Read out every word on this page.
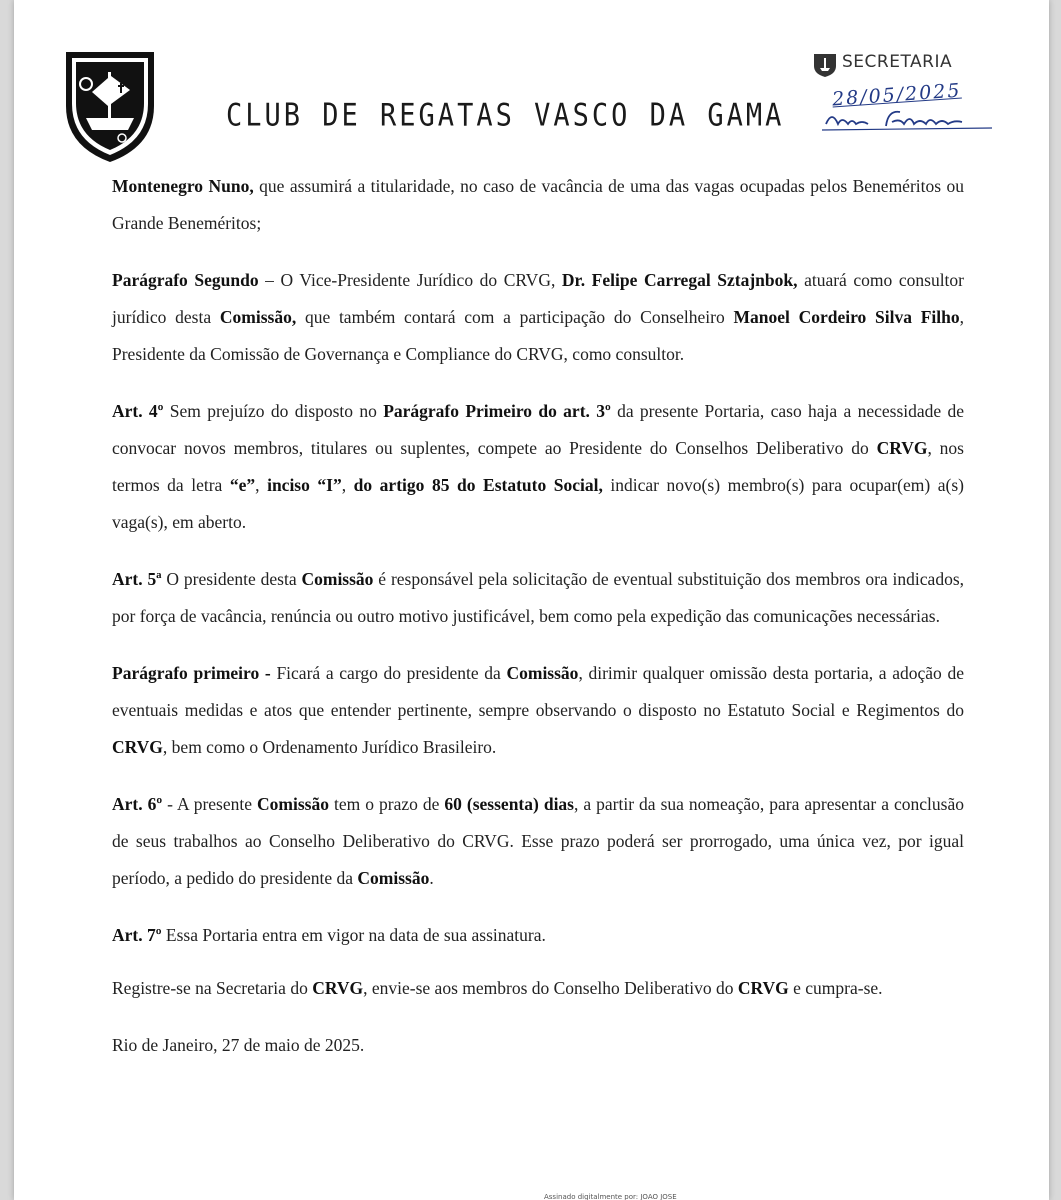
CLUB DE REGATAS VASCO DA GAMA
SECRETARIA
28/05/2025

Montenegro Nuno, que assumirá a titularidade, no caso de vacância de uma das vagas ocupadas pelos Beneméritos ou Grande Beneméritos;

Parágrafo Segundo – O Vice-Presidente Jurídico do CRVG, Dr. Felipe Carregal Sztajnbok, atuará como consultor jurídico desta Comissão, que também contará com a participação do Conselheiro Manoel Cordeiro Silva Filho, Presidente da Comissão de Governança e Compliance do CRVG, como consultor.

Art. 4º Sem prejuízo do disposto no Parágrafo Primeiro do art. 3º da presente Portaria, caso haja a necessidade de convocar novos membros, titulares ou suplentes, compete ao Presidente do Conselhos Deliberativo do CRVG, nos termos da letra “e”, inciso “I”, do artigo 85 do Estatuto Social, indicar novo(s) membro(s) para ocupar(em) a(s) vaga(s), em aberto.

Art. 5ª O presidente desta Comissão é responsável pela solicitação de eventual substituição dos membros ora indicados, por força de vacância, renúncia ou outro motivo justificável, bem como pela expedição das comunicações necessárias.

Parágrafo primeiro - Ficará a cargo do presidente da Comissão, dirimir qualquer omissão desta portaria, a adoção de eventuais medidas e atos que entender pertinente, sempre observando o disposto no Estatuto Social e Regimentos do CRVG, bem como o Ordenamento Jurídico Brasileiro.

Art. 6º - A presente Comissão tem o prazo de 60 (sessenta) dias, a partir da sua nomeação, para apresentar a conclusão de seus trabalhos ao Conselho Deliberativo do CRVG. Esse prazo poderá ser prorrogado, uma única vez, por igual período, a pedido do presidente da Comissão.

Art. 7º Essa Portaria entra em vigor na data de sua assinatura.

Registre-se na Secretaria do CRVG, envie-se aos membros do Conselho Deliberativo do CRVG e cumpra-se.

Rio de Janeiro, 27 de maio de 2025.

Assinado digitalmente por: JOAO JOSE
